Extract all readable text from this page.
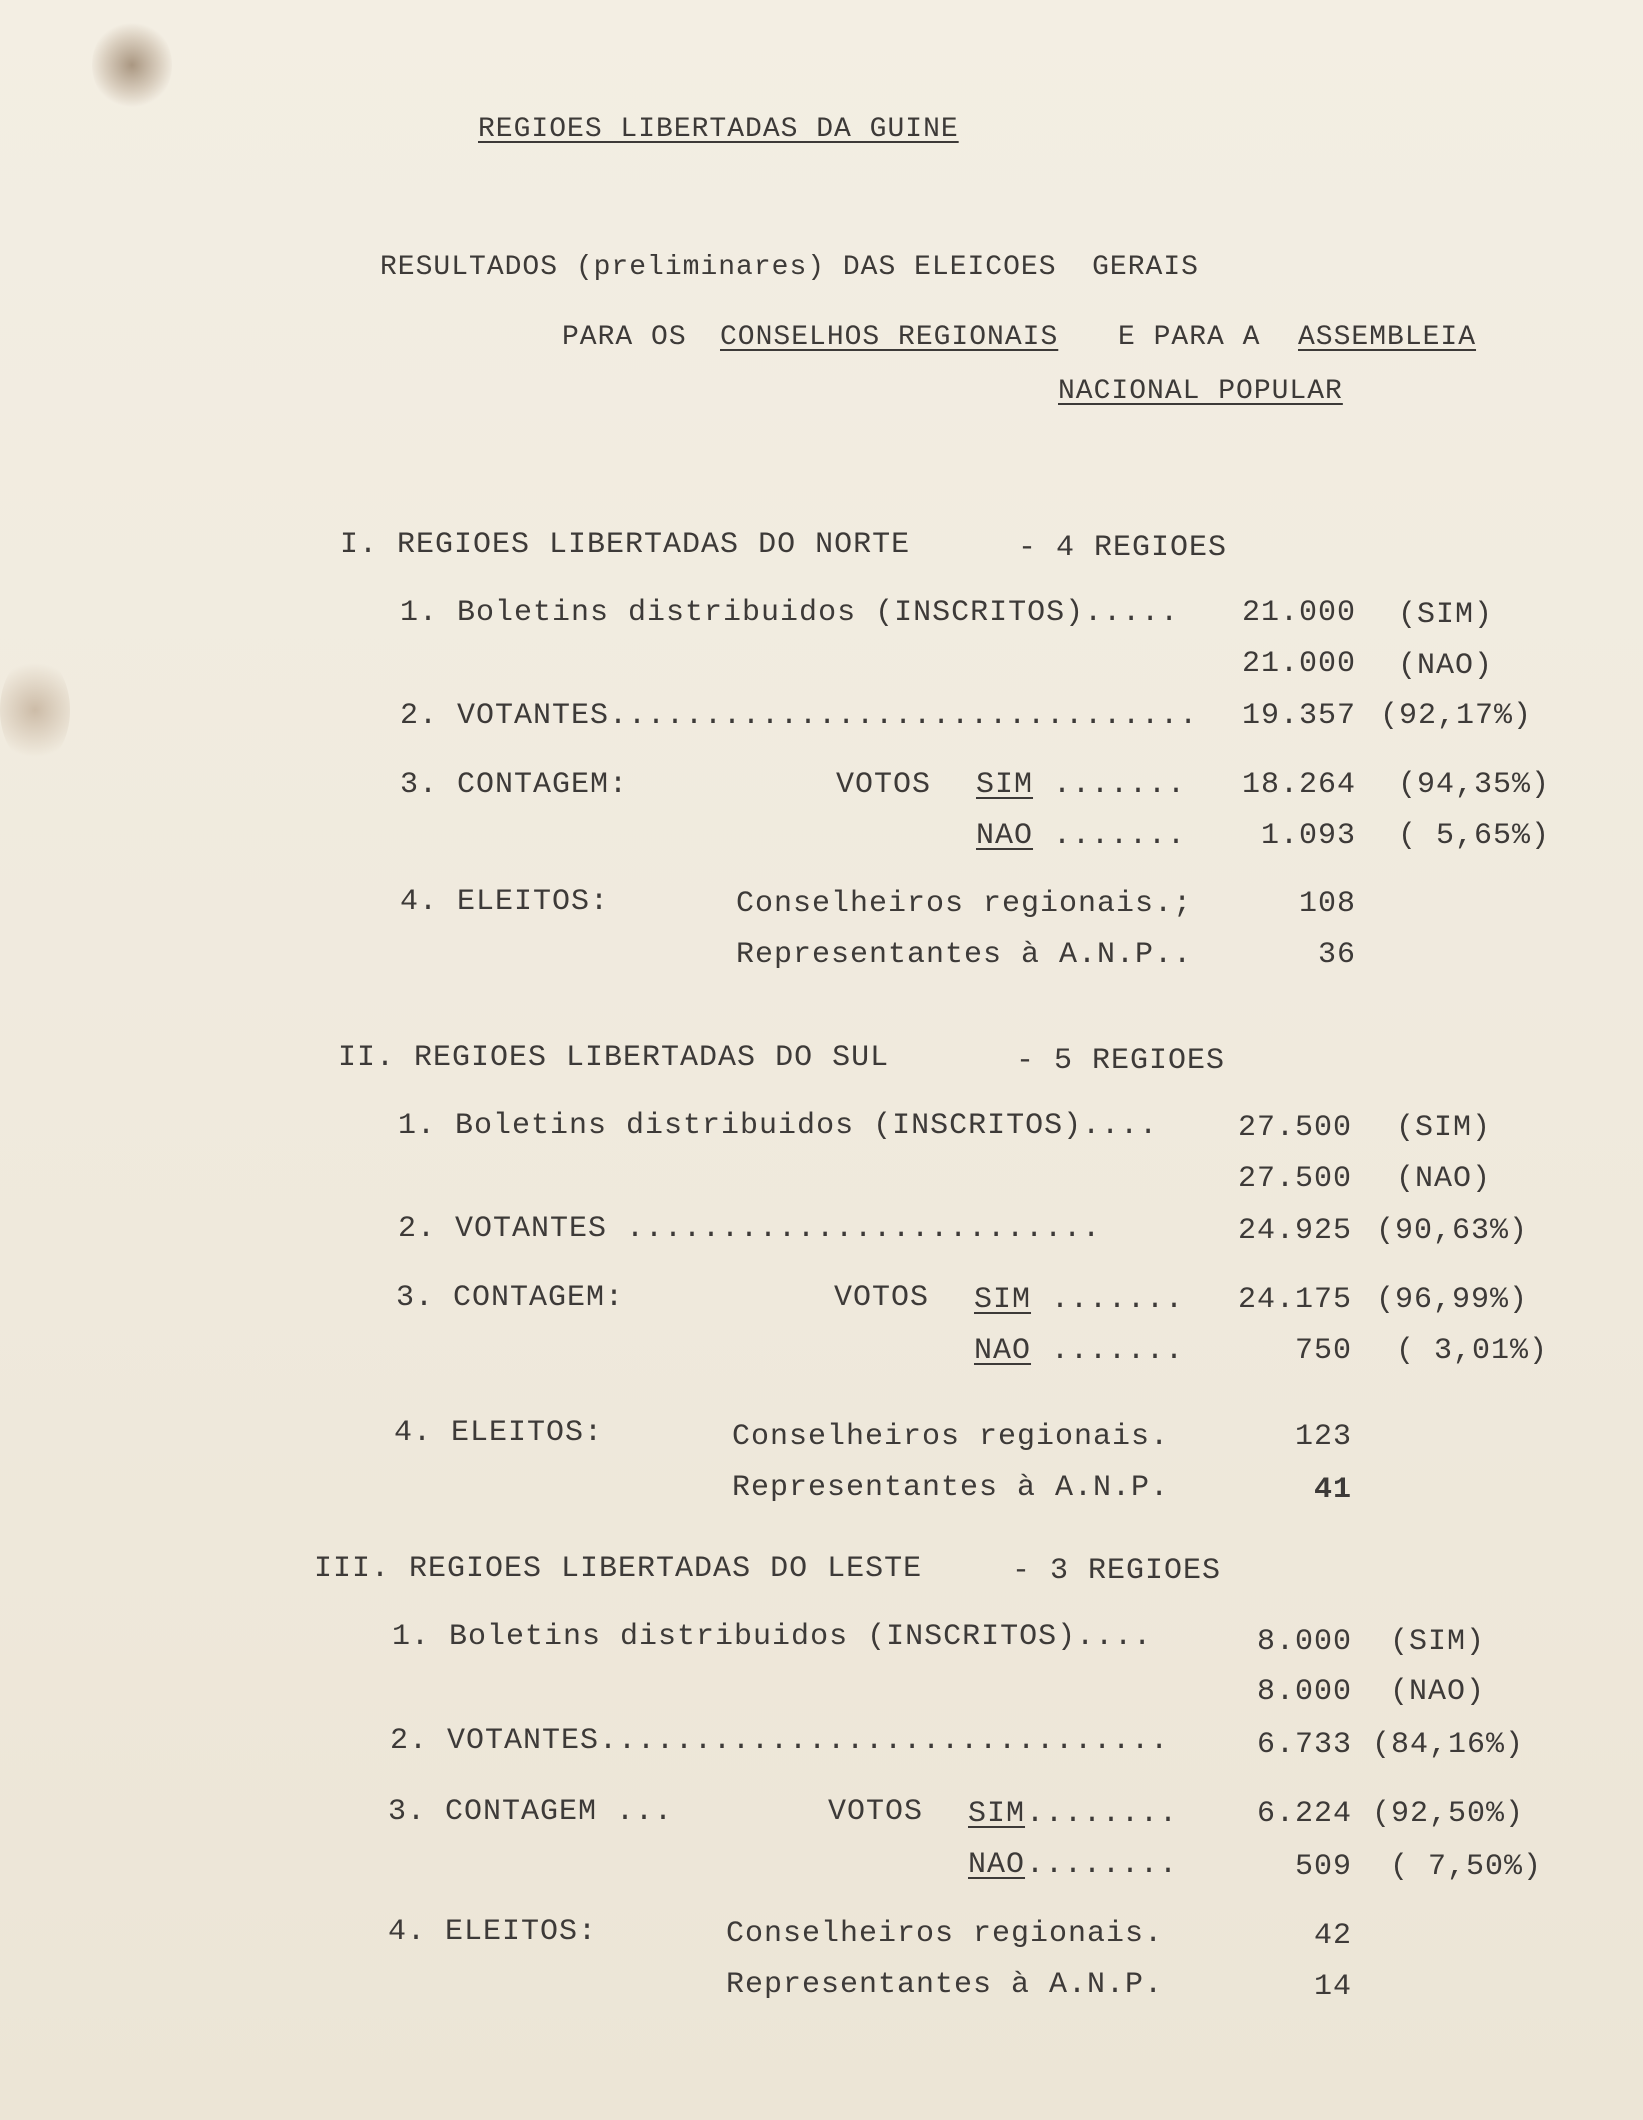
REGIOES LIBERTADAS DA GUINE
RESULTADOS (preliminares) DAS ELEICOES  GERAIS
PARA OS CONSELHOS REGIONAIS E PARA A ASSEMBLEIA
NACIONAL POPULAR
I. REGIOES LIBERTADAS DO NORTE	- 4 REGIOES
1. Boletins distribuidos (INSCRITOS).....	21.000 (SIM)
21.000 (NAO)
2. VOTANTES...............................	19.357 (92,17%)
3. CONTAGEM:	VOTOS SIM .......	18.264 (94,35%)
NAO .......	1.093 ( 5,65%)
4. ELEITOS:	Conselheiros regionais.;	108
Representantes à A.N.P..	36
II. REGIOES LIBERTADAS DO SUL	- 5 REGIOES
1. Boletins distribuidos (INSCRITOS)....	27.500 (SIM)
27.500 (NAO)
2. VOTANTES .........................	24.925 (90,63%)
3. CONTAGEM:	VOTOS SIM .......	24.175 (96,99%)
NAO .......	750 ( 3,01%)
4. ELEITOS:	Conselheiros regionais.	123
Representantes à A.N.P.	41
III. REGIOES LIBERTADAS DO LESTE	- 3 REGIOES
1. Boletins distribuidos (INSCRITOS)....	8.000 (SIM)
8.000 (NAO)
2. VOTANTES..............................	6.733 (84,16%)
3. CONTAGEM ...	VOTOS SIM ........	6.224 (92,50%)
NAO ........	509 ( 7,50%)
4. ELEITOS:	Conselheiros regionais.	42
Representantes à A.N.P.	14
